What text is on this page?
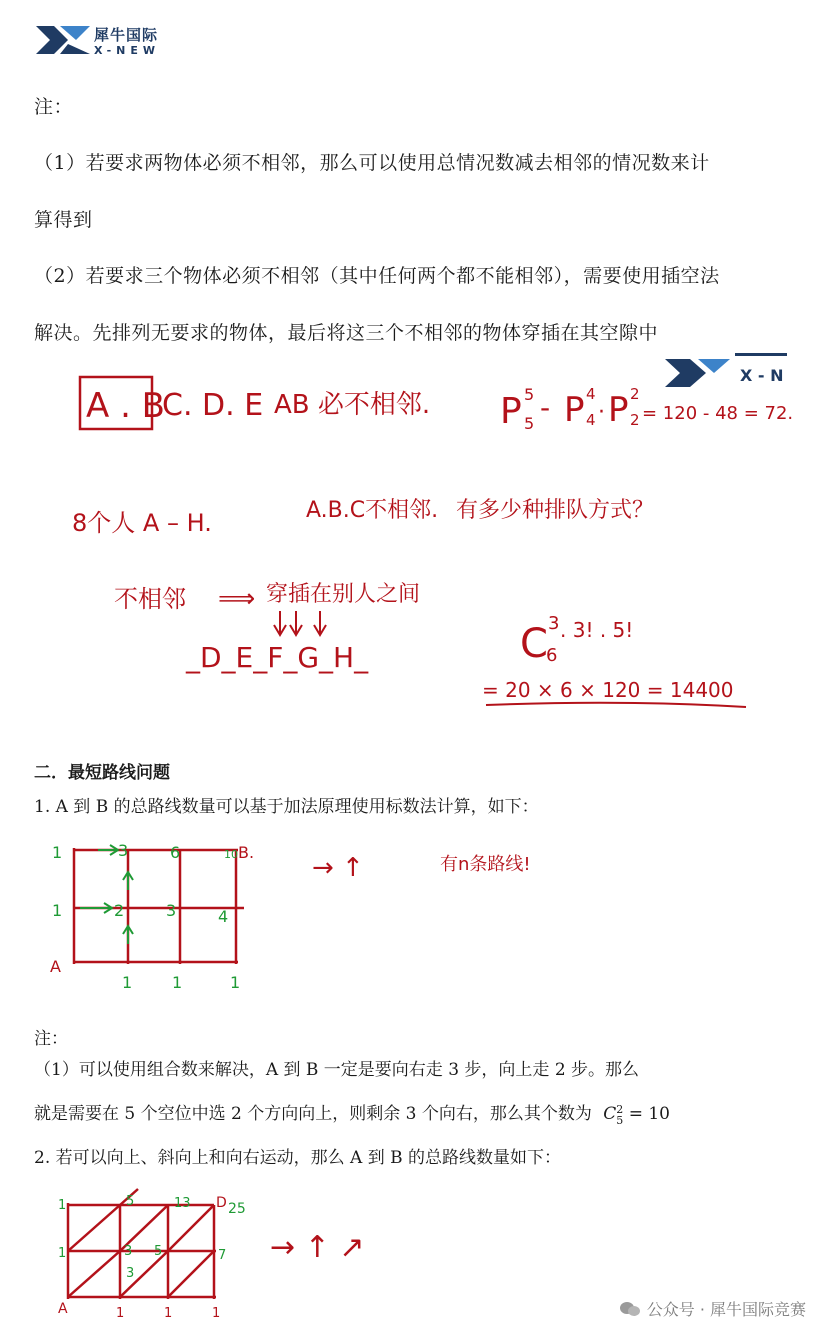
犀牛国际
X-NEW
注：
（1）若要求两物体必须不相邻，那么可以使用总情况数减去相邻的情况数来计
算得到
（2）若要求三个物体必须不相邻（其中任何两个都不能相邻），需要使用插空法
解决。先排列无要求的物体，最后将这三个不相邻的物体穿插在其空隙中
X - N
A . B
C. D. E AB 必不相邻. P 5
5 - P 4
4 · P 2
2 = 120 - 48 = 72.
8个人 A – H.	A.B.C不相邻. 有多少种排队方式？
不相邻 ⟹ 穿插在别人之间
_D_E_F_G_H_	C 3
6
. 3! . 5!
= 20 × 6 × 120 = 14400
二．最短路线问题
1. A 到 B 的总路线数量可以基于加法原理使用标数法计算，如下：
A
B.
1	3	6	10
1	2	3	4
1 1	1
→ ↑	有n条路线!
注：
（1）可以使用组合数来解决，A 到 B 一定是要向右走 3 步，向上走 2 步。那么
就是需要在 5 个空位中选 2 个方向向上，则剩余 3 个向右，那么其个数为 C 2
5 = 10
2. 若可以向上、斜向上和向右运动，那么 A 到 B 的总路线数量如下：
A
D 25
1	5	13
1	3 5	7
3
1	1	1
→ ↑ ↗
公众号 · 犀牛国际竞赛
